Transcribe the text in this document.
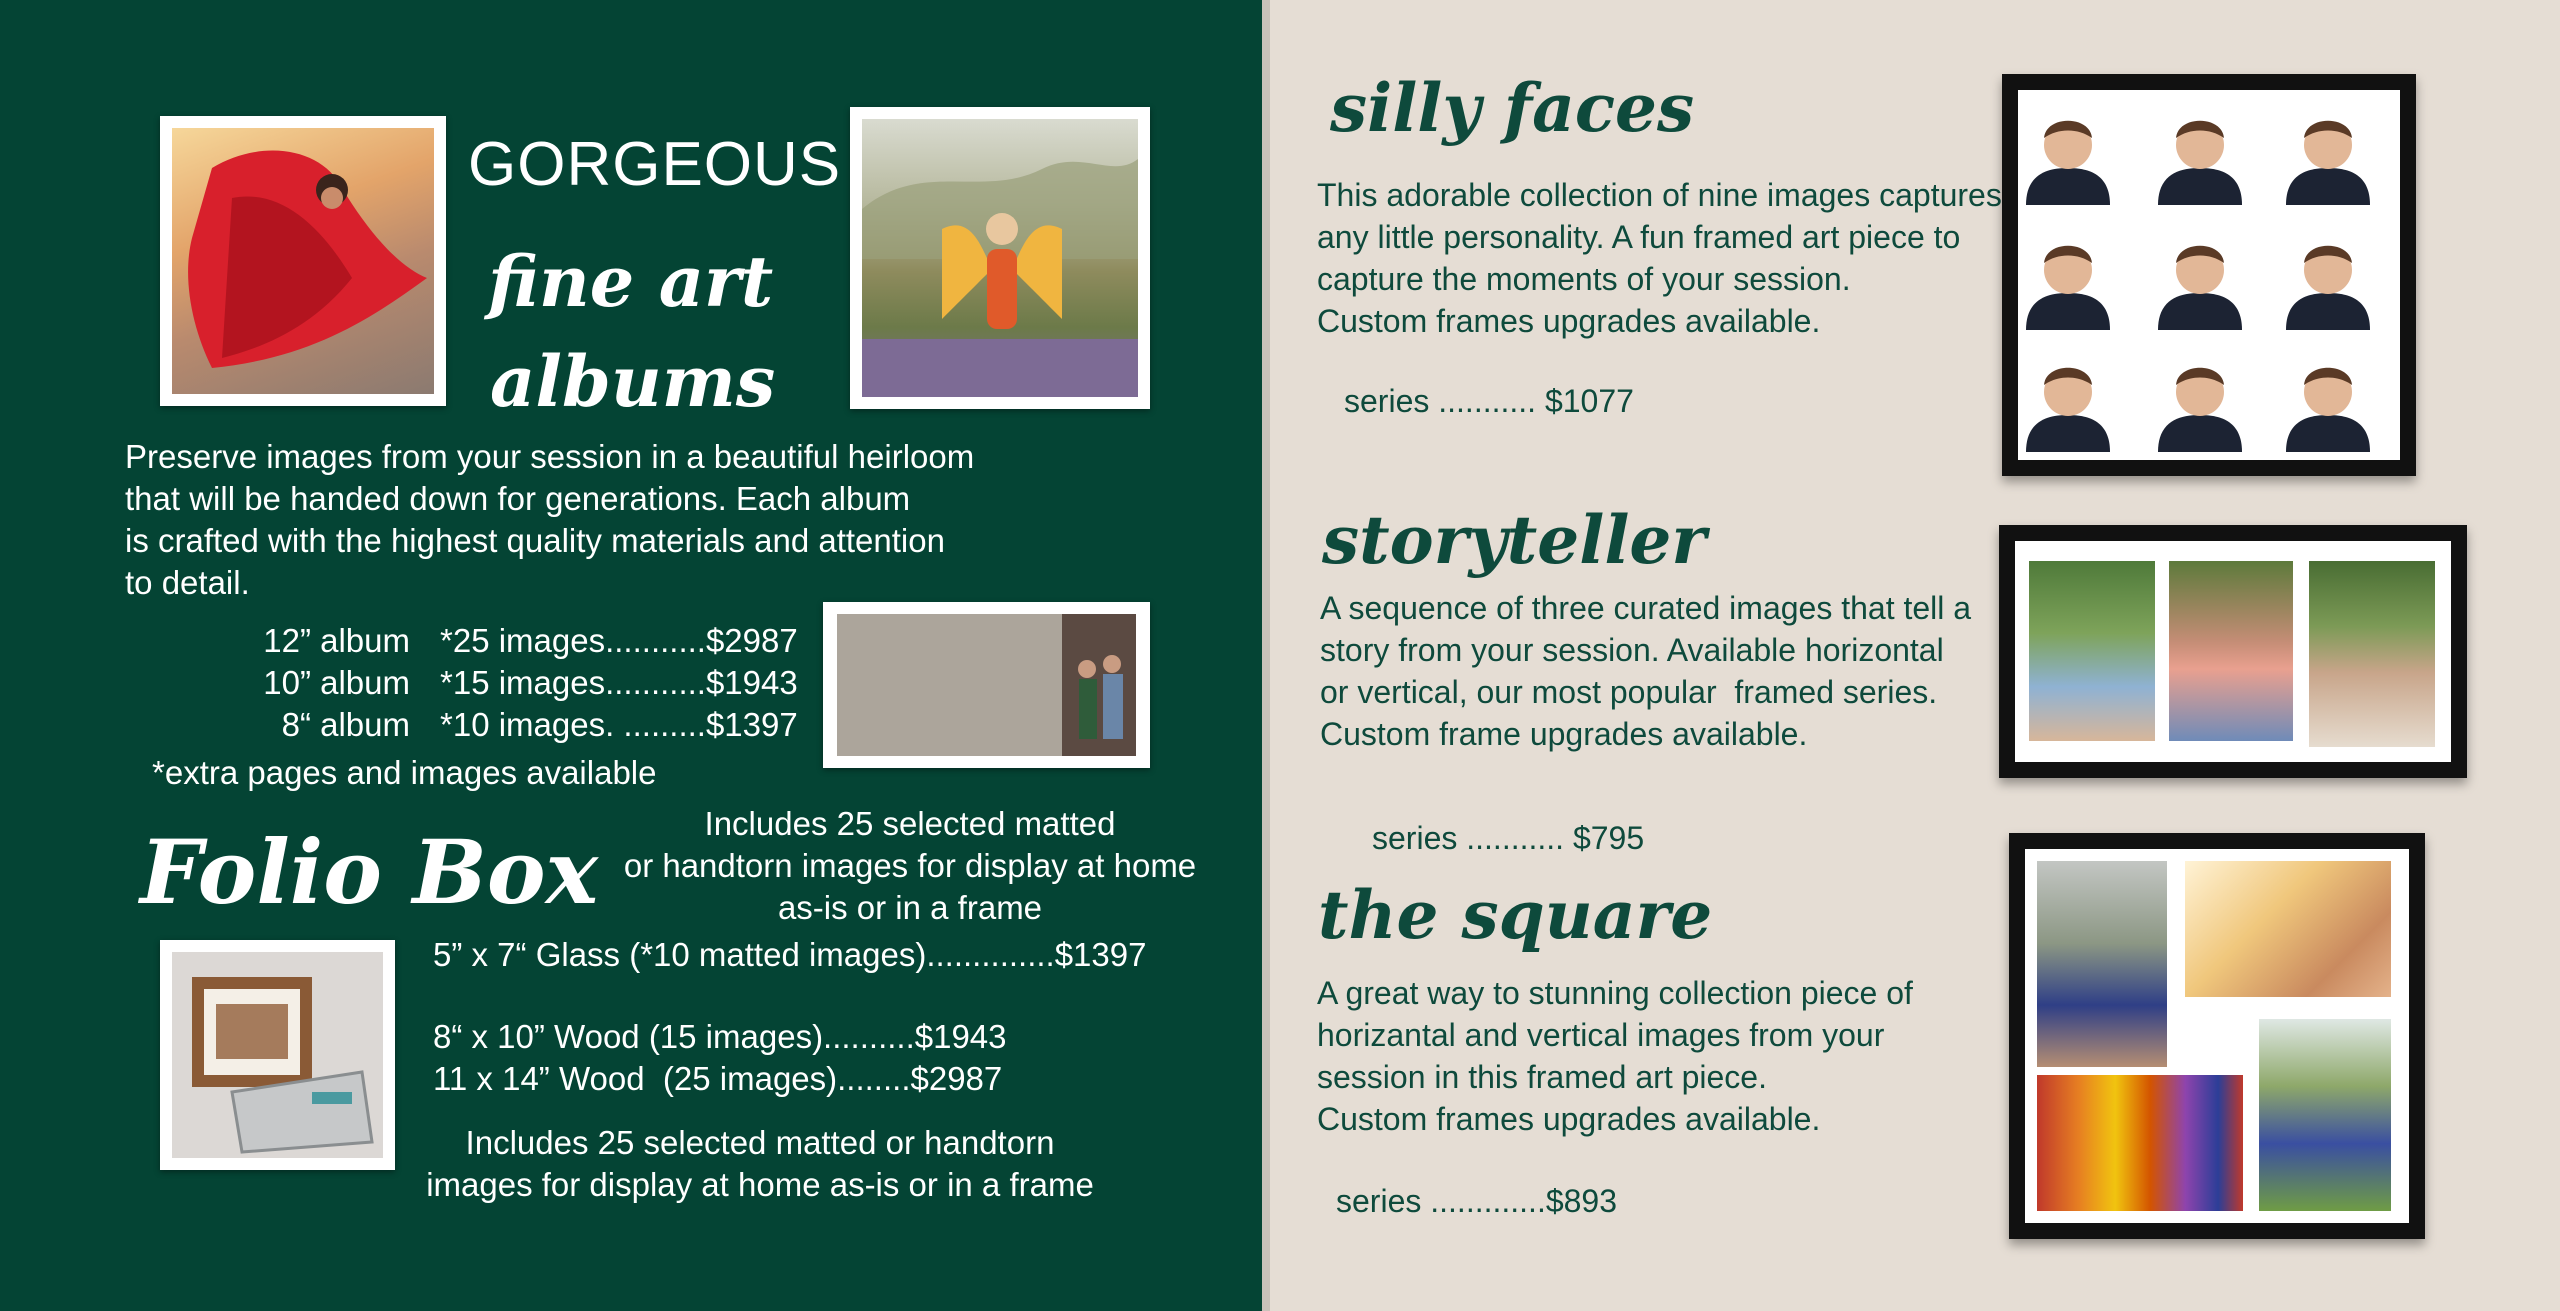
GORGEOUS
fine art
albums
Preserve images from your session in a beautiful heirloom
that will be handed down for generations. Each album
is crafted with the highest quality materials and attention
to detail.
12” album *25 images...........$2987
10” album *15 images...........$1943
8“ album *10 images. .........$1397
*extra pages and images available
Folio Box	Includes 25 selected matted
or handtorn images for display at home
as-is or in a frame
5” x 7“ Glass (*10 matted images)..............$1397
8“ x 10” Wood (15 images)..........$1943
11 x 14” Wood  (25 images)........$2987
Includes 25 selected matted or handtorn
images for display at home as-is or in a frame
silly faces
This adorable collection of nine images captures
any little personality. A fun framed art piece to
capture the moments of your session.
Custom frames upgrades available.
series ........... $1077
storyteller
A sequence of three curated images that tell a
story from your session. Available horizontal
or vertical, our most popular  framed series.
Custom frame upgrades available.
series ........... $795
the square
A great way to stunning collection piece of
horizantal and vertical images from your
session in this framed art piece.
Custom frames upgrades available.
series .............$893
